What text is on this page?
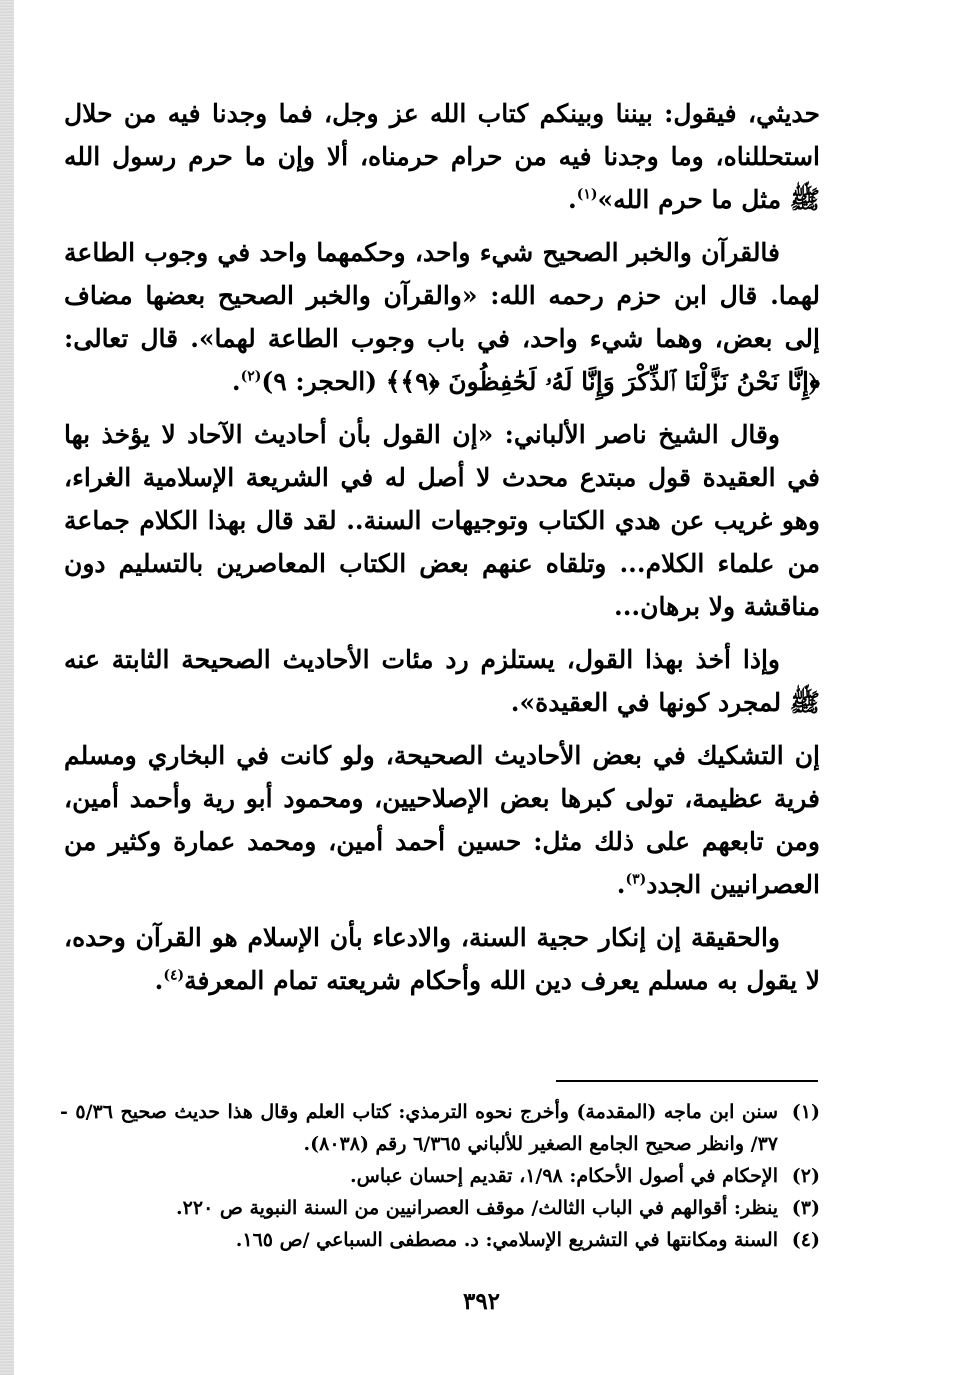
حديثي، فيقول: بيننا وبينكم كتاب الله عز وجل، فما وجدنا فيه من حلال استحللناه، وما وجدنا فيه من حرام حرمناه، ألا وإن ما حرم رسول الله ﷺ مثل ما حرم الله»$^{(١)}$.

فالقرآن والخبر الصحيح شيء واحد، وحكمهما واحد في وجوب الطاعة لهما. قال ابن حزم رحمه الله: «والقرآن والخبر الصحيح بعضها مضاف إلى بعض، وهما شيء واحد، في باب وجوب الطاعة لهما». قال تعالى: ﴿إِنَّا نَحْنُ نَزَّلْنَا ٱلذِّكْرَ وَإِنَّا لَهُۥ لَحَٰفِظُونَ ﴿٩﴾﴾ (الحجر: ٩)$^{(٢)}$.

وقال الشيخ ناصر الألباني: «إن القول بأن أحاديث الآحاد لا يؤخذ بها في العقيدة قول مبتدع محدث لا أصل له في الشريعة الإسلامية الغراء، وهو غريب عن هدي الكتاب وتوجيهات السنة.. لقد قال بهذا الكلام جماعة من علماء الكلام... وتلقاه عنهم بعض الكتاب المعاصرين بالتسليم دون مناقشة ولا برهان...

وإذا أخذ بهذا القول، يستلزم رد مئات الأحاديث الصحيحة الثابتة عنه ﷺ لمجرد كونها في العقيدة».

إن التشكيك في بعض الأحاديث الصحيحة، ولو كانت في البخاري ومسلم فرية عظيمة، تولى كبرها بعض الإصلاحيين، ومحمود أبو رية وأحمد أمين، ومن تابعهم على ذلك مثل: حسين أحمد أمين، ومحمد عمارة وكثير من العصرانيين الجدد$^{(٣)}$.

والحقيقة إن إنكار حجية السنة، والادعاء بأن الإسلام هو القرآن وحده، لا يقول به مسلم يعرف دين الله وأحكام شريعته تمام المعرفة$^{(٤)}$.

(١)
سنن ابن ماجه (المقدمة) وأخرج نحوه الترمذي: كتاب العلم وقال هذا حديث صحيح ٥/٣٦ - ٣٧/ وانظر صحيح الجامع الصغير للألباني ٦/٣٦٥ رقم (٨٠٣٨).
(٢)
الإحكام في أصول الأحكام: ١/٩٨، تقديم إحسان عباس.
(٣)
ينظر: أقوالهم في الباب الثالث/ موقف العصرانيين من السنة النبوية ص ٢٢٠.
(٤)
السنة ومكانتها في التشريع الإسلامي: د. مصطفى السباعي /ص ١٦٥.
٣٩٢
